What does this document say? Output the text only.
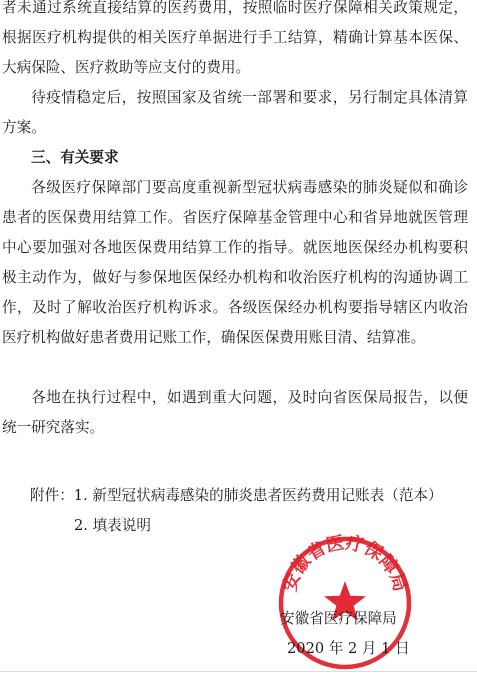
者未通过系统直接结算的医药费用，按照临时医疗保障相关政策规定，根据医疗机构提供的相关医疗单据进行手工结算，精确计算基本医保、大病保险、医疗救助等应支付的费用。

待疫情稳定后，按照国家及省统一部署和要求，另行制定具体清算方案。

三、有关要求

各级医疗保障部门要高度重视新型冠状病毒感染的肺炎疑似和确诊患者的医保费用结算工作。省医疗保障基金管理中心和省异地就医管理中心要加强对各地医保费用结算工作的指导。就医地医保经办机构要积极主动作为，做好与参保地医保经办机构和收治医疗机构的沟通协调工作，及时了解收治医疗机构诉求。各级医保经办机构要指导辖区内收治医疗机构做好患者费用记账工作，确保医保费用账目清、结算准。

各地在执行过程中，如遇到重大问题，及时向省医保局报告，以便统一研究落实。

附件：1. 新型冠状病毒感染的肺炎患者医药费用记账表（范本）
2. 填表说明
安徽省医疗保障局
安徽省医疗保障局
2020 年 2 月 1 日
